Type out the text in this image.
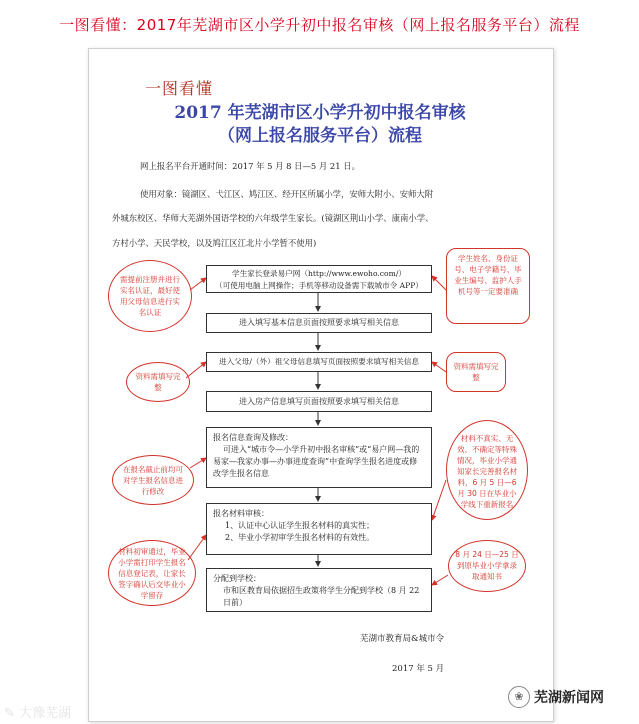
一图看懂：2017年芜湖市区小学升初中报名审核（网上报名服务平台）流程
一图看懂
2017 年芜湖市区小学升初中报名审核
（网上报名服务平台）流程
网上报名平台开通时间：2017 年 5 月 8 日—5 月 21 日。
使用对象：镜湖区、弋江区、鸠江区、经开区所属小学，安师大附小、安师大附
外城东校区、华师大芜湖外国语学校的六年级学生家长。(镜湖区荆山小学、康南小学、
方村小学、天民学校，以及鸠江区江北片小学暂不使用)
学生家长登录易户网（http://www.ewoho.com/）
（可使用电脑上网操作；手机等移动设备需下载城市令 APP）
进入填写基本信息页面按照要求填写相关信息
进入父母/（外）祖父母信息填写页面按照要求填写相关信息
进入房产信息填写页面按照要求填写相关信息
报名信息查询及修改：
可进入“城市令—小学升初中报名审核”或“易户网—我的易家—我家办事—办事进度查询”中查询学生报名进度或修改学生报名信息
报名材料审核：
1、认证中心认证学生报名材料的真实性；
2、毕业小学初审学生报名材料的有效性。
分配到学校：
市和区教育局依据招生政策将学生分配到学校（8 月 22 日前）
需提前注册并进行实名认证，最好使用父母信息进行实名认证
学生姓名、身份证号、电子学籍号、毕业生编号、监护人手机号等一定要准确
资料需填写完整
资料需填写完整
在报名截止前均可对学生报名信息进行修改
材料不真实、无效、不确定等特殊情况，毕业小学通知家长完善报名材料，6 月 5 日—6 月 30 日在毕业小学线下重新报名
材料初审通过，毕业小学需打印学生报名信息登记表，让家长签字确认后交毕业小学留存
8 月 24 日—25 日到原毕业小学拿录取通知书
芜湖市教育局&城市令
2017 年 5 月
✎ 大豫芜湖
❀ 芜湖新闻网
